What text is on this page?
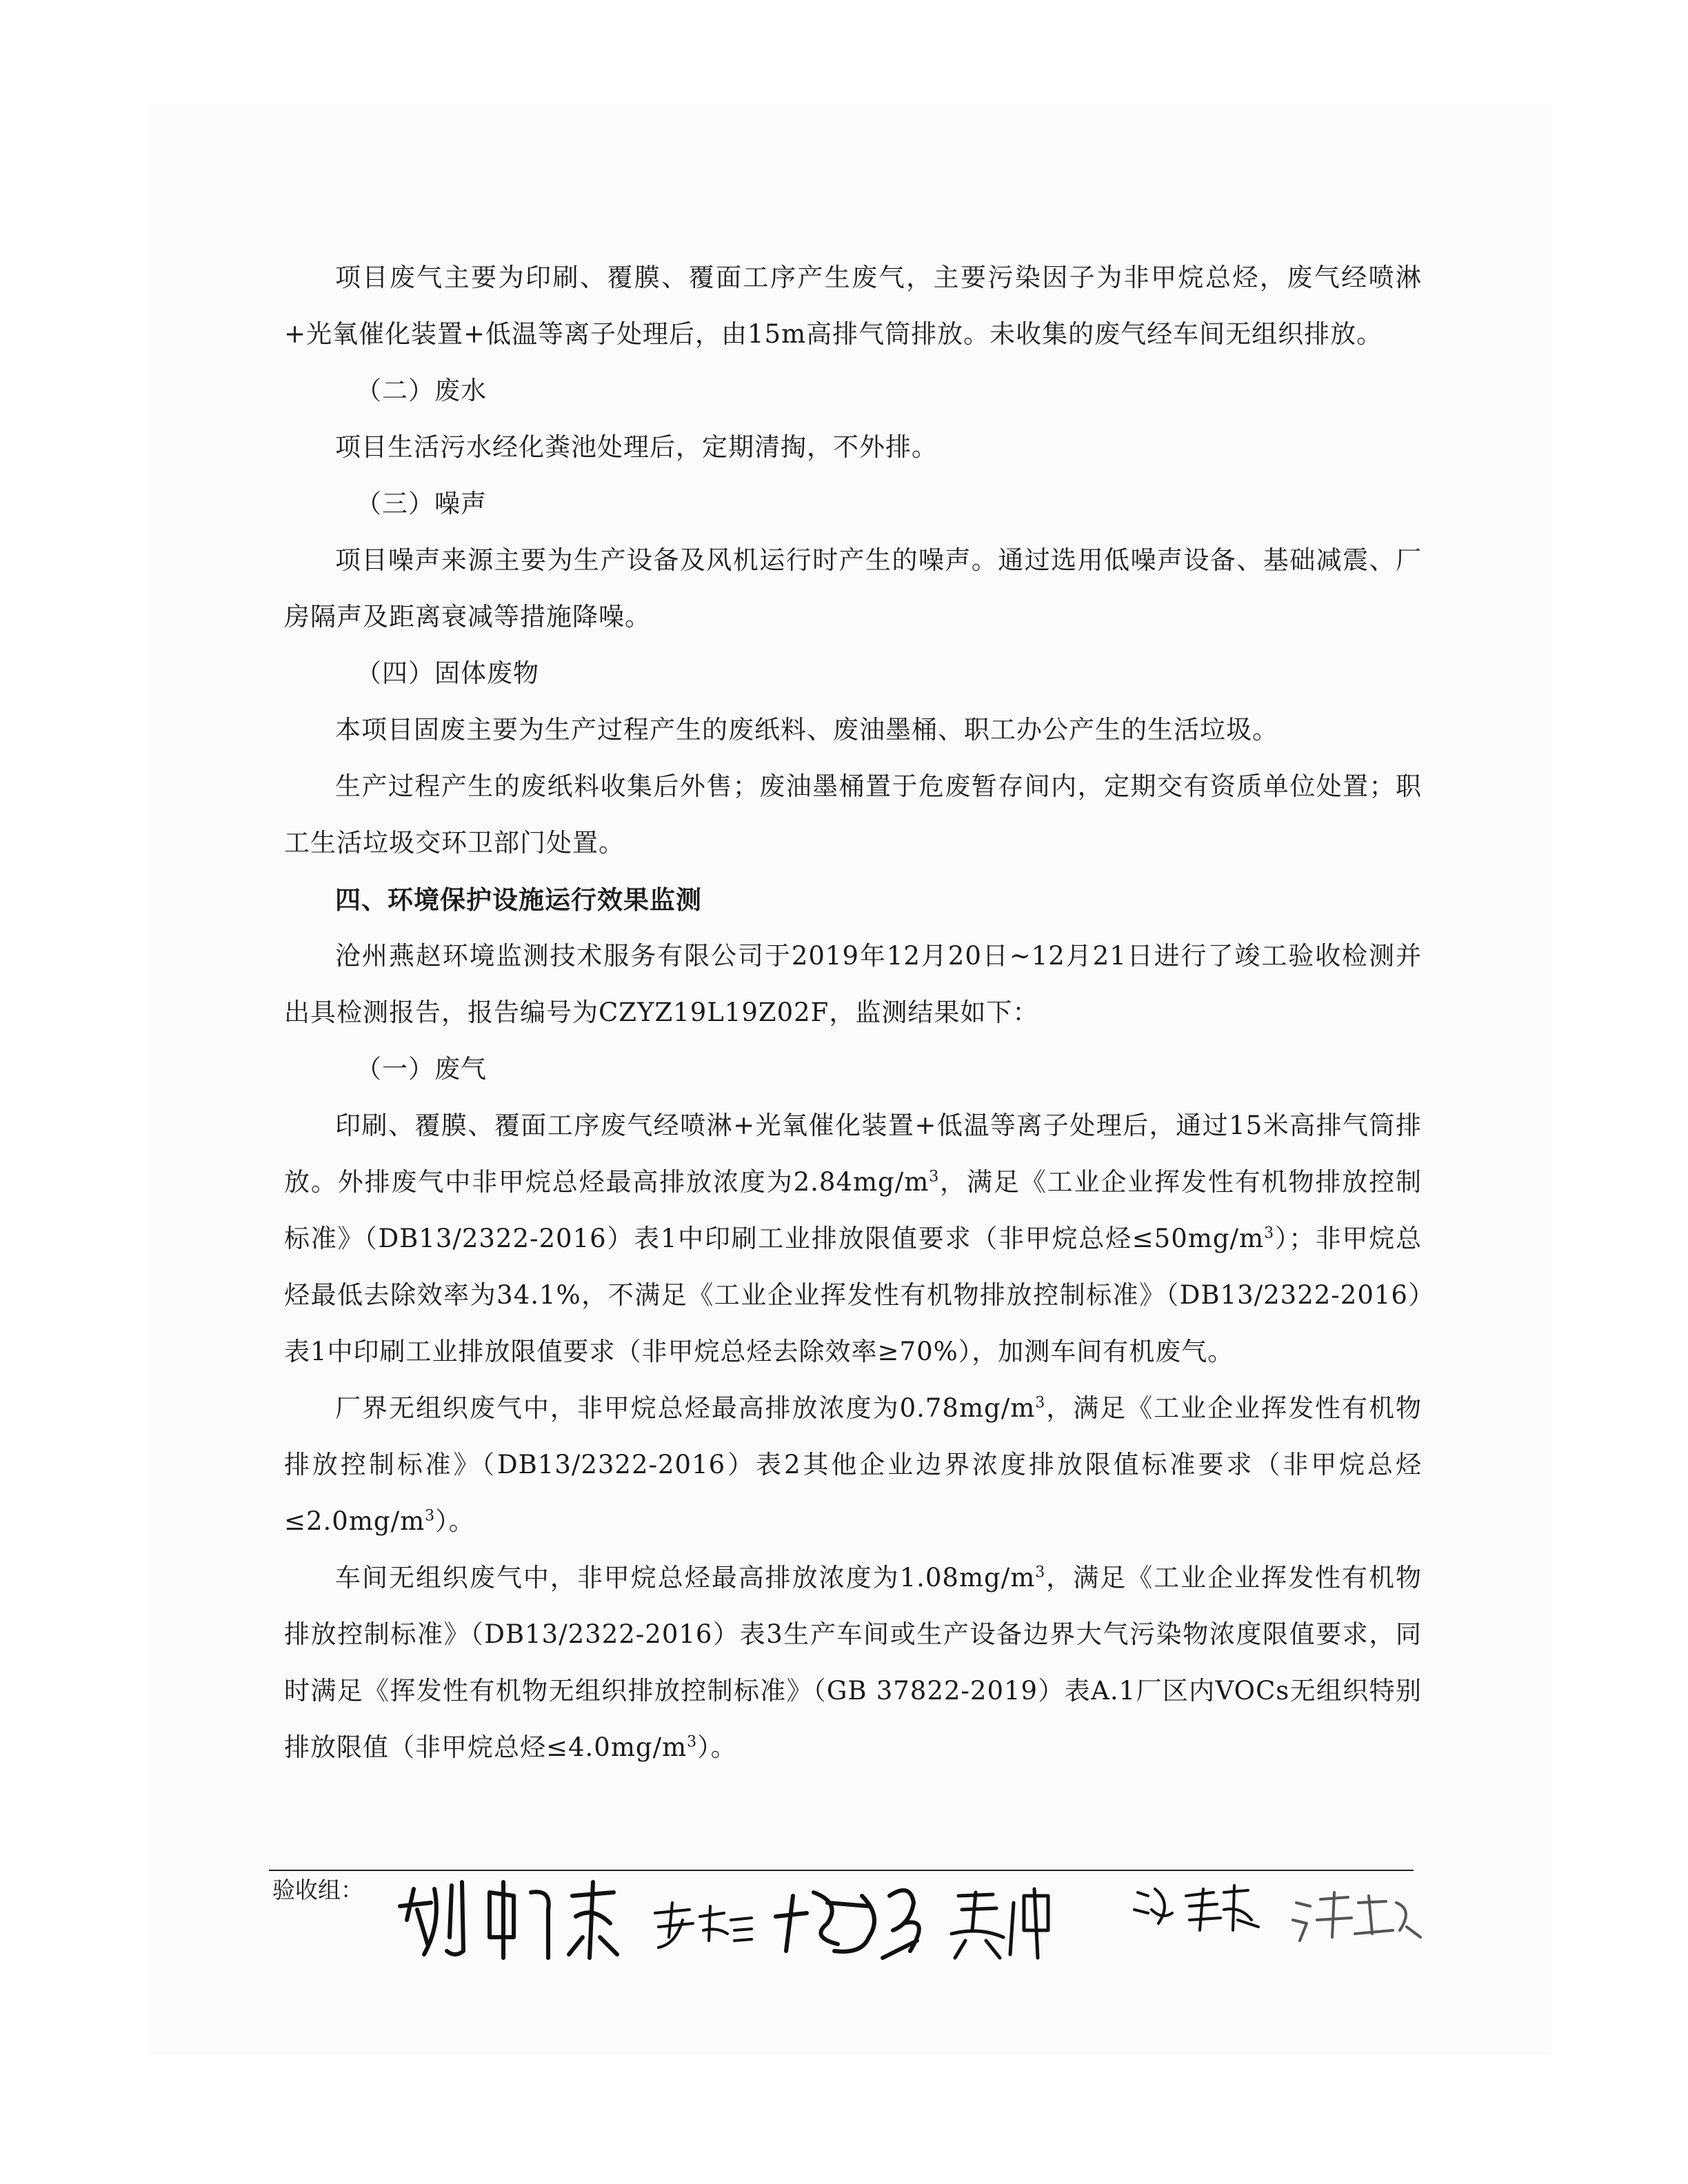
项目废气主要为印刷、覆膜、覆面工序产生废气，主要污染因子为非甲烷总烃，废气经喷淋+光氧催化装置+低温等离子处理后，由15m高排气筒排放。未收集的废气经车间无组织排放。

（二）废水

项目生活污水经化粪池处理后，定期清掏，不外排。

（三）噪声

项目噪声来源主要为生产设备及风机运行时产生的噪声。通过选用低噪声设备、基础减震、厂房隔声及距离衰减等措施降噪。

（四）固体废物

本项目固废主要为生产过程产生的废纸料、废油墨桶、职工办公产生的生活垃圾。

生产过程产生的废纸料收集后外售；废油墨桶置于危废暂存间内，定期交有资质单位处置；职工生活垃圾交环卫部门处置。

四、环境保护设施运行效果监测

沧州燕赵环境监测技术服务有限公司于2019年12月20日~12月21日进行了竣工验收检测并出具检测报告，报告编号为CZYZ19L19Z02F，监测结果如下：

（一）废气

印刷、覆膜、覆面工序废气经喷淋+光氧催化装置+低温等离子处理后，通过15米高排气筒排放。外排废气中非甲烷总烃最高排放浓度为$2.84mg/m^3$，满足《工业企业挥发性有机物排放控制标准》（DB13/2322-2016）表1中印刷工业排放限值要求（非甲烷总烃$\le 50mg/m^3$）；非甲烷总烃最低去除效率为34.1%，不满足《工业企业挥发性有机物排放控制标准》（DB13/2322-2016）表1中印刷工业排放限值要求（非甲烷总烃去除效率≥70%），加测车间有机废气。

厂界无组织废气中，非甲烷总烃最高排放浓度为$0.78mg/m^3$，满足《工业企业挥发性有机物排放控制标准》（DB13/2322-2016）表2其他企业边界浓度排放限值标准要求（非甲烷总烃$\le 2.0mg/m^3$）。

车间无组织废气中，非甲烷总烃最高排放浓度为$1.08mg/m^3$，满足《工业企业挥发性有机物排放控制标准》（DB13/2322-2016）表3生产车间或生产设备边界大气污染物浓度限值要求，同时满足《挥发性有机物无组织排放控制标准》（GB 37822-2019）表A.1厂区内VOCs无组织特别排放限值（非甲烷总烃$\le 4.0mg/m^3$）。

验收组：
